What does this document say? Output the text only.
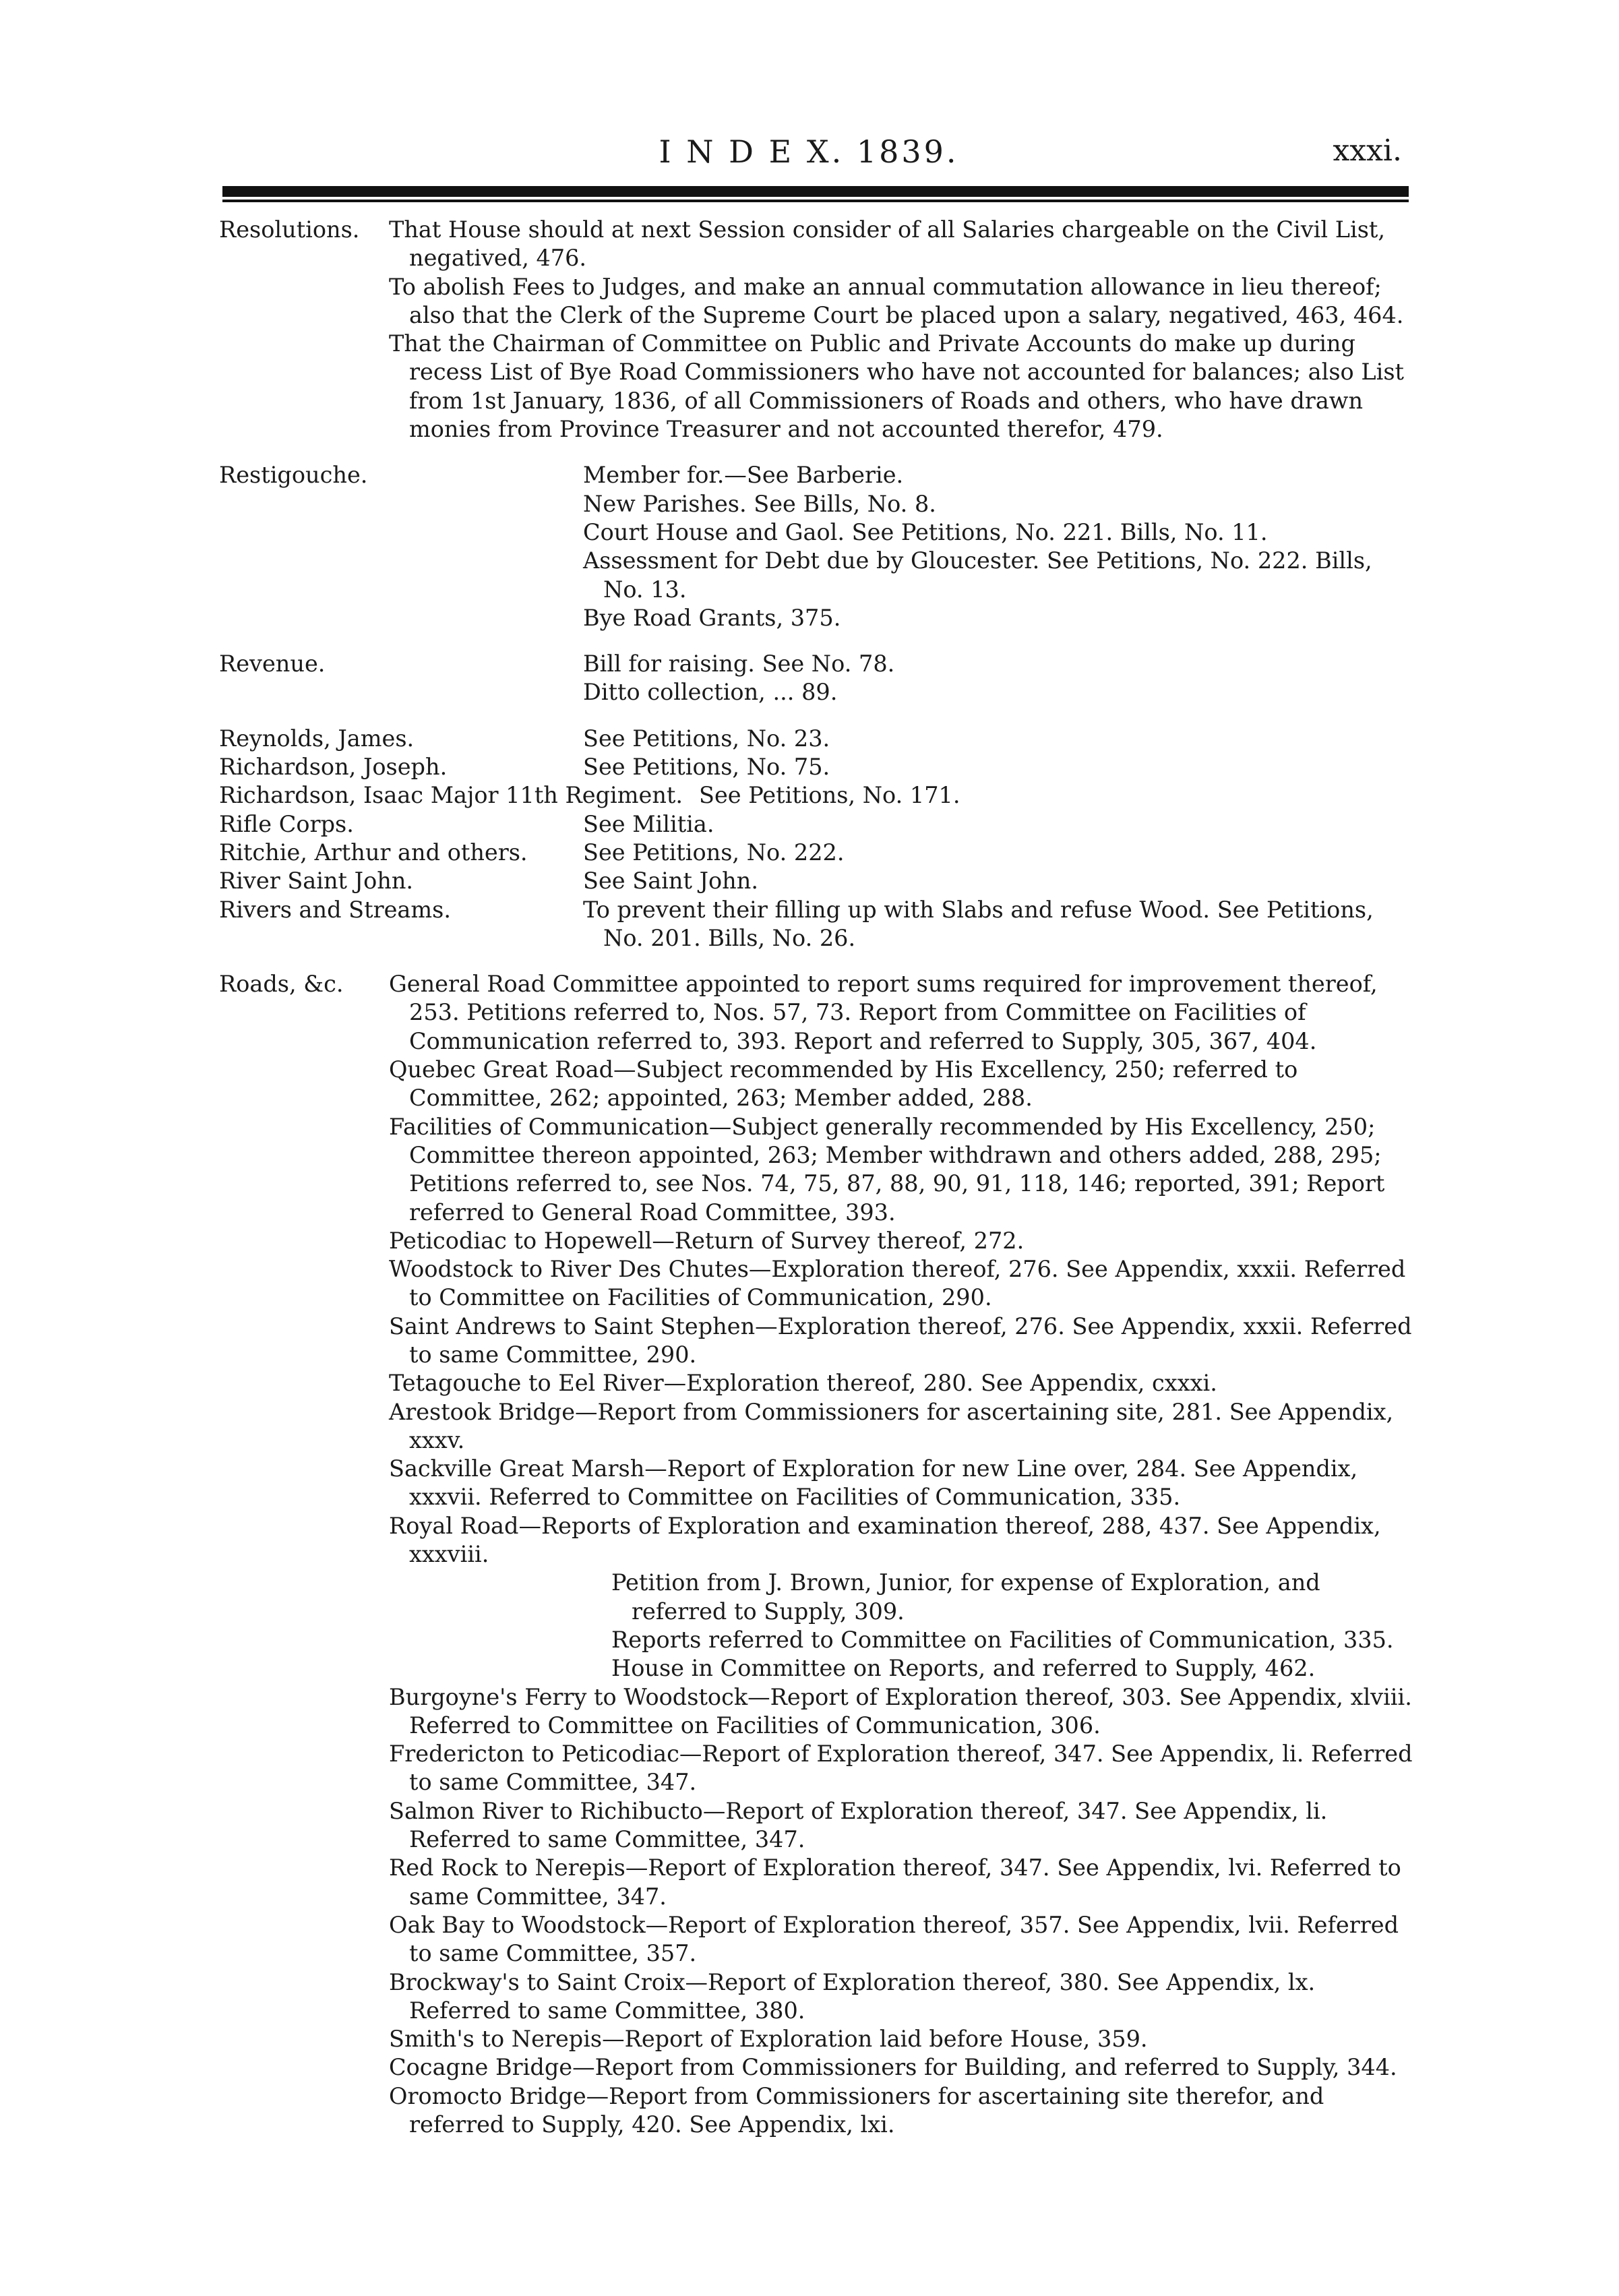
I N D E X. 1839.	xxxi.
Resolutions.	That House should at next Session consider of all Salaries chargeable on the Civil List, negatived, 476.
To abolish Fees to Judges, and make an annual commutation allowance in lieu thereof; also that the Clerk of the Supreme Court be placed upon a salary, negatived, 463, 464.
That the Chairman of Committee on Public and Private Accounts do make up during recess List of Bye Road Commissioners who have not accounted for balances; also List from 1st January, 1836, of all Commissioners of Roads and others, who have drawn monies from Province Treasurer and not accounted therefor, 479.
Restigouche.	Member for.—See Barberie.
New Parishes. See Bills, No. 8.
Court House and Gaol. See Petitions, No. 221. Bills, No. 11.
Assessment for Debt due by Gloucester. See Petitions, No. 222. Bills, No. 13.
Bye Road Grants, 375.
Revenue.	Bill for raising. See No. 78.
Ditto collection, ... 89.
Reynolds, James.	See Petitions, No. 23.
Richardson, Joseph.	See Petitions, No. 75.
Richardson, Isaac Major 11th Regiment. See Petitions, No. 171.
Rifle Corps.	See Militia.
Ritchie, Arthur and others.	See Petitions, No. 222.
River Saint John.	See Saint John.
Rivers and Streams.	To prevent their filling up with Slabs and refuse Wood. See Petitions, No. 201. Bills, No. 26.
Roads, &c.	General Road Committee appointed to report sums required for improvement thereof, 253. Petitions referred to, Nos. 57, 73. Report from Committee on Facilities of Communication referred to, 393. Report and referred to Supply, 305, 367, 404.
Quebec Great Road—Subject recommended by His Excellency, 250; referred to Committee, 262; appointed, 263; Member added, 288.
Facilities of Communication—Subject generally recommended by His Excellency, 250; Committee thereon appointed, 263; Member withdrawn and others added, 288, 295; Petitions referred to, see Nos. 74, 75, 87, 88, 90, 91, 118, 146; reported, 391; Report referred to General Road Committee, 393.
Peticodiac to Hopewell—Return of Survey thereof, 272.
Woodstock to River Des Chutes—Exploration thereof, 276. See Appendix, xxxii. Referred to Committee on Facilities of Communication, 290.
Saint Andrews to Saint Stephen—Exploration thereof, 276. See Appendix, xxxii. Referred to same Committee, 290.
Tetagouche to Eel River—Exploration thereof, 280. See Appendix, cxxxi.
Arestook Bridge—Report from Commissioners for ascertaining site, 281. See Appendix, xxxv.
Sackville Great Marsh—Report of Exploration for new Line over, 284. See Appendix, xxxvii. Referred to Committee on Facilities of Communication, 335.
Royal Road—Reports of Exploration and examination thereof, 288, 437. See Appendix, xxxviii.
Petition from J. Brown, Junior, for expense of Exploration, and referred to Supply, 309.
Reports referred to Committee on Facilities of Communication, 335.
House in Committee on Reports, and referred to Supply, 462.
Burgoyne's Ferry to Woodstock—Report of Exploration thereof, 303. See Appendix, xlviii. Referred to Committee on Facilities of Communication, 306.
Fredericton to Peticodiac—Report of Exploration thereof, 347. See Appendix, li. Referred to same Committee, 347.
Salmon River to Richibucto—Report of Exploration thereof, 347. See Appendix, li. Referred to same Committee, 347.
Red Rock to Nerepis—Report of Exploration thereof, 347. See Appendix, lvi. Referred to same Committee, 347.
Oak Bay to Woodstock—Report of Exploration thereof, 357. See Appendix, lvii. Referred to same Committee, 357.
Brockway's to Saint Croix—Report of Exploration thereof, 380. See Appendix, lx. Referred to same Committee, 380.
Smith's to Nerepis—Report of Exploration laid before House, 359.
Cocagne Bridge—Report from Commissioners for Building, and referred to Supply, 344.
Oromocto Bridge—Report from Commissioners for ascertaining site therefor, and referred to Supply, 420. See Appendix, lxi.
